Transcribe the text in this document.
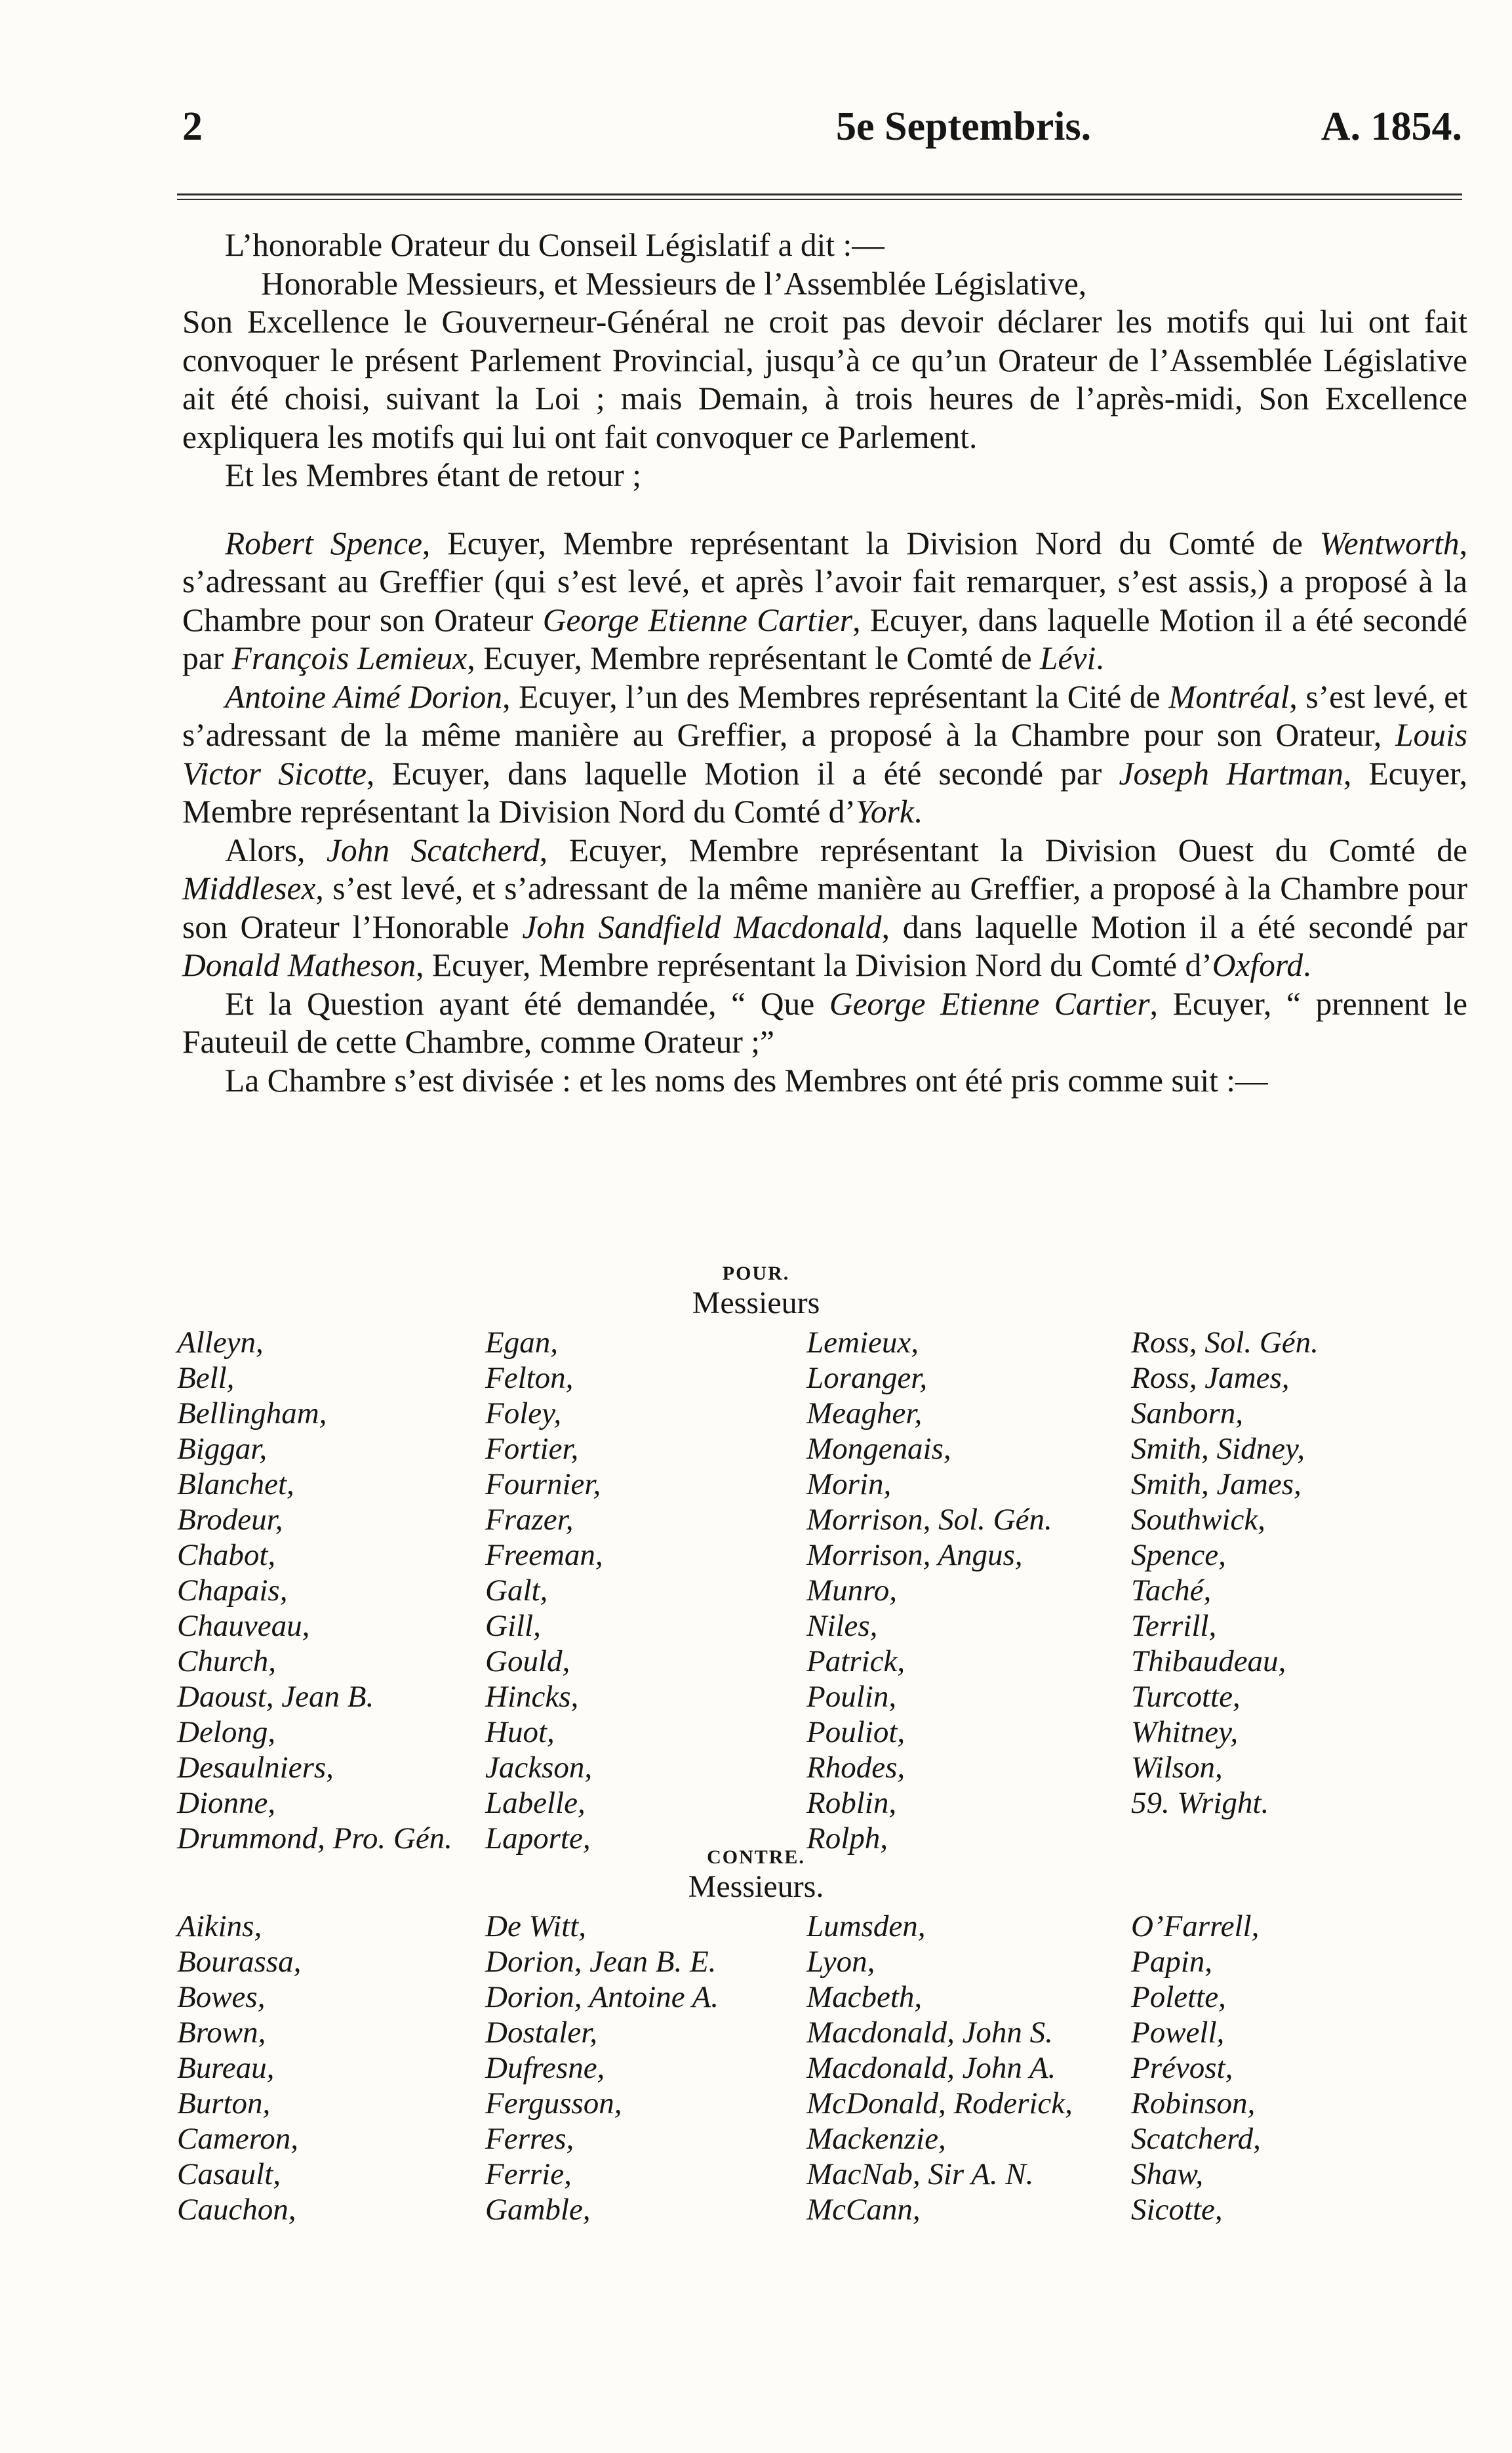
2	5e Septembris.	A. 1854.

L’honorable Orateur du Conseil Législatif a dit :—

Honorable Messieurs, et Messieurs de l’Assemblée Législative,

Son Excellence le Gouverneur-Général ne croit pas devoir déclarer les motifs qui lui ont fait convoquer le présent Parlement Provincial, jusqu’à ce qu’un Orateur de l’Assemblée Législative ait été choisi, suivant la Loi ; mais Demain, à trois heures de l’après-midi, Son Excellence expliquera les motifs qui lui ont fait convoquer ce Parlement.

Et les Membres étant de retour ;

Robert Spence, Ecuyer, Membre représentant la Division Nord du Comté de Wentworth, s’adressant au Greffier (qui s’est levé, et après l’avoir fait remarquer, s’est assis,) a proposé à la Chambre pour son Orateur George Etienne Cartier, Ecuyer, dans laquelle Motion il a été secondé par François Lemieux, Ecuyer, Membre représentant le Comté de Lévi.

Antoine Aimé Dorion, Ecuyer, l’un des Membres représentant la Cité de Montréal, s’est levé, et s’adressant de la même manière au Greffier, a proposé à la Chambre pour son Orateur, Louis Victor Sicotte, Ecuyer, dans laquelle Motion il a été secondé par Joseph Hartman, Ecuyer, Membre représentant la Division Nord du Comté d’York.

Alors, John Scatcherd, Ecuyer, Membre représentant la Division Ouest du Comté de Middlesex, s’est levé, et s’adressant de la même manière au Greffier, a proposé à la Chambre pour son Orateur l’Honorable John Sandfield Macdonald, dans laquelle Motion il a été secondé par Donald Matheson, Ecuyer, Membre représentant la Division Nord du Comté d’Oxford.

Et la Question ayant été demandée, “ Que George Etienne Cartier, Ecuyer, “ prennent le Fauteuil de cette Chambre, comme Orateur ;”

La Chambre s’est divisée : et les noms des Membres ont été pris comme suit :—

POUR.
Messieurs
Alleyn,
Bell,
Bellingham,
Biggar,
Blanchet,
Brodeur,
Chabot,
Chapais,
Chauveau,
Church,
Daoust, Jean B.
Delong,
Desaulniers,
Dionne,
Drummond, Pro. Gén.
Egan,
Felton,
Foley,
Fortier,
Fournier,
Frazer,
Freeman,
Galt,
Gill,
Gould,
Hincks,
Huot,
Jackson,
Labelle,
Laporte,
Lemieux,
Loranger,
Meagher,
Mongenais,
Morin,
Morrison, Sol. Gén.
Morrison, Angus,
Munro,
Niles,
Patrick,
Poulin,
Pouliot,
Rhodes,
Roblin,
Rolph,
Ross, Sol. Gén.
Ross, James,
Sanborn,
Smith, Sidney,
Smith, James,
Southwick,
Spence,
Taché,
Terrill,
Thibaudeau,
Turcotte,
Whitney,
Wilson,
59. Wright.
CONTRE.
Messieurs.
Aikins,
Bourassa,
Bowes,
Brown,
Bureau,
Burton,
Cameron,
Casault,
Cauchon,
De Witt,
Dorion, Jean B. E.
Dorion, Antoine A.
Dostaler,
Dufresne,
Fergusson,
Ferres,
Ferrie,
Gamble,
Lumsden,
Lyon,
Macbeth,
Macdonald, John S.
Macdonald, John A.
McDonald, Roderick,
Mackenzie,
MacNab, Sir A. N.
McCann,
O’Farrell,
Papin,
Polette,
Powell,
Prévost,
Robinson,
Scatcherd,
Shaw,
Sicotte,
